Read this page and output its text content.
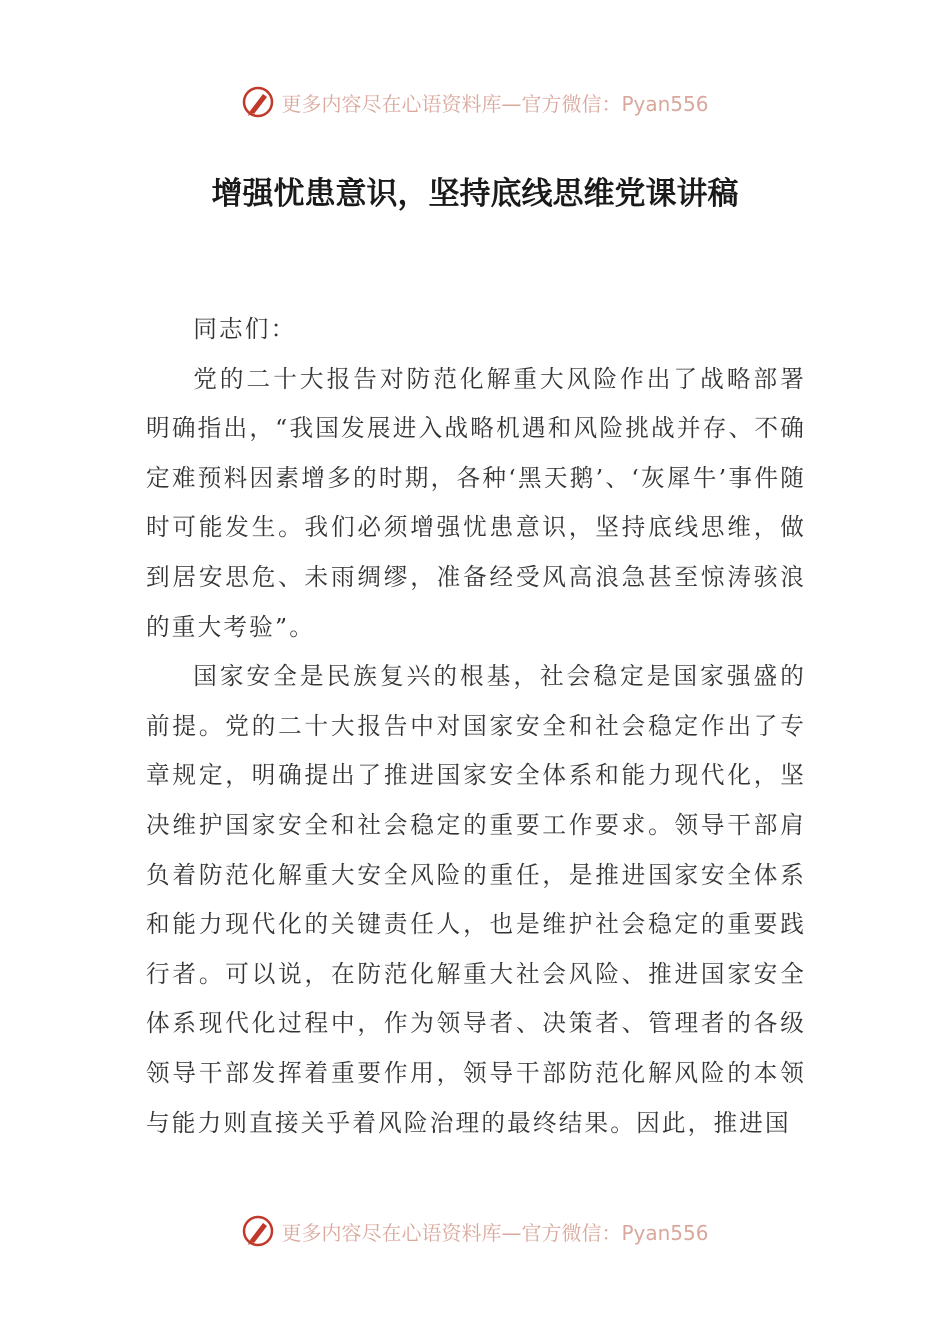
更多内容尽在心语资料库—官方微信：Pyan556
增强忧患意识，坚持底线思维党课讲稿

同志们：

党的二十大报告对防范化解重大风险作出了战略部署明确指出，“我国发展进入战略机遇和风险挑战并存、不确定难预料因素增多的时期，各种‘黑天鹅’、‘灰犀牛’事件随时可能发生。我们必须增强忧患意识，坚持底线思维，做到居安思危、未雨绸缪，准备经受风高浪急甚至惊涛骇浪的重大考验”。

国家安全是民族复兴的根基，社会稳定是国家强盛的前提。党的二十大报告中对国家安全和社会稳定作出了专章规定，明确提出了推进国家安全体系和能力现代化，坚决维护国家安全和社会稳定的重要工作要求。领导干部肩负着防范化解重大安全风险的重任，是推进国家安全体系和能力现代化的关键责任人，也是维护社会稳定的重要践行者。可以说，在防范化解重大社会风险、推进国家安全体系现代化过程中，作为领导者、决策者、管理者的各级领导干部发挥着重要作用，领导干部防范化解风险的本领与能力则直接关乎着风险治理的最终结果。因此，推进国

更多内容尽在心语资料库—官方微信：Pyan556
